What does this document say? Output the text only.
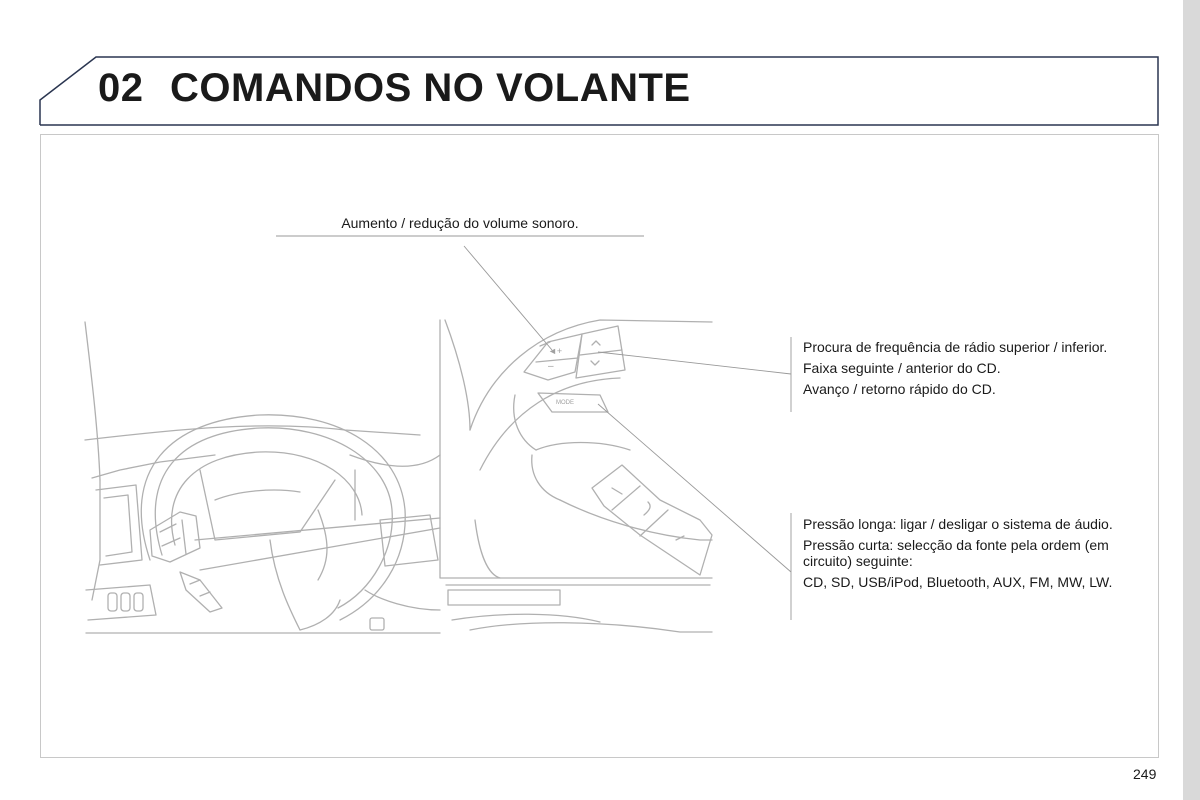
02 COMANDOS NO VOLANTE
◄+
–
MODE
Aumento / redução do volume sonoro.

Procura de frequência de rádio superior / inferior.

Faixa seguinte / anterior do CD.

Avanço / retorno rápido do CD.

Pressão longa: ligar / desligar o sistema de áudio.

Pressão curta: selecção da fonte pela ordem (em circuito) seguinte:

CD, SD, USB/iPod, Bluetooth, AUX, FM, MW, LW.

249
